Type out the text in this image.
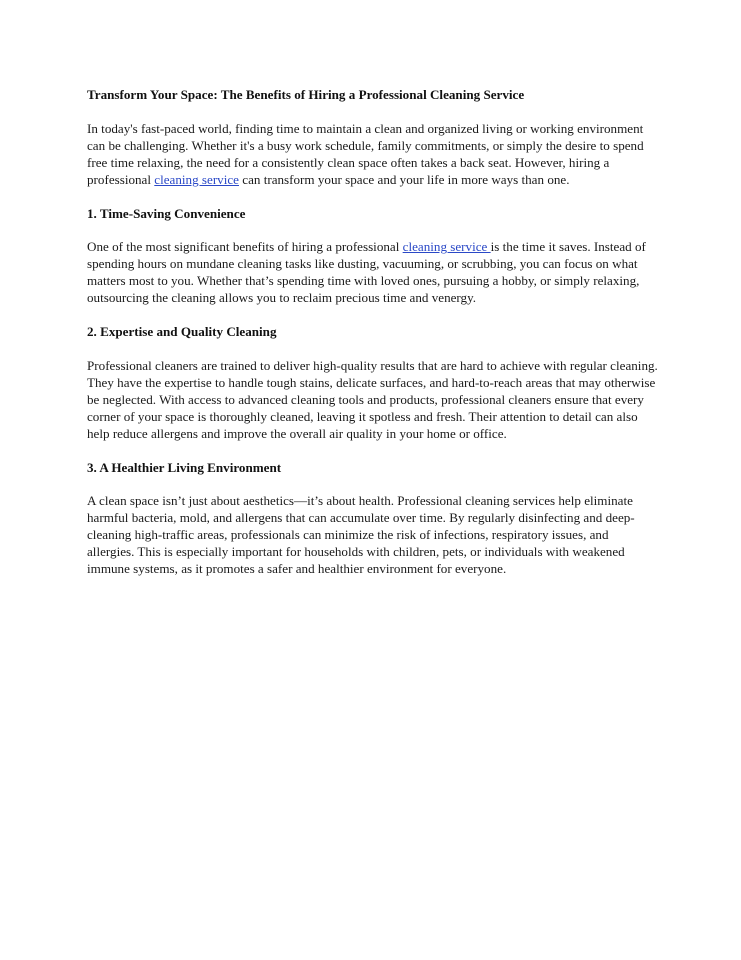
Transform Your Space: The Benefits of Hiring a Professional Cleaning Service

In today's fast-paced world, finding time to maintain a clean and organized living or working environment can be challenging. Whether it's a busy work schedule, family commitments, or simply the desire to spend free time relaxing, the need for a consistently clean space often takes a back seat. However, hiring a professional cleaning service can transform your space and your life in more ways than one.

1. Time-Saving Convenience

One of the most significant benefits of hiring a professional cleaning service is the time it saves. Instead of spending hours on mundane cleaning tasks like dusting, vacuuming, or scrubbing, you can focus on what matters most to you. Whether that’s spending time with loved ones, pursuing a hobby, or simply relaxing, outsourcing the cleaning allows you to reclaim precious time and venergy.

2. Expertise and Quality Cleaning

Professional cleaners are trained to deliver high-quality results that are hard to achieve with regular cleaning. They have the expertise to handle tough stains, delicate surfaces, and hard-to-reach areas that may otherwise be neglected. With access to advanced cleaning tools and products, professional cleaners ensure that every corner of your space is thoroughly cleaned, leaving it spotless and fresh. Their attention to detail can also help reduce allergens and improve the overall air quality in your home or office.

3. A Healthier Living Environment

A clean space isn’t just about aesthetics—it’s about health. Professional cleaning services help eliminate harmful bacteria, mold, and allergens that can accumulate over time. By regularly disinfecting and deep-cleaning high-traffic areas, professionals can minimize the risk of infections, respiratory issues, and allergies. This is especially important for households with children, pets, or individuals with weakened immune systems, as it promotes a safer and healthier environment for everyone.
